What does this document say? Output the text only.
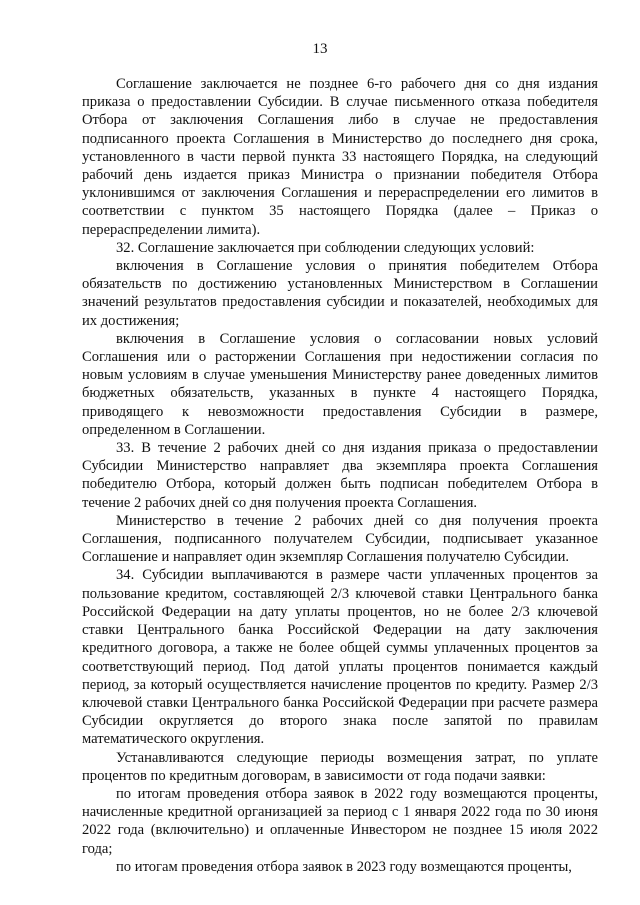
13

Соглашение заключается не позднее 6-го рабочего дня со дня издания приказа о предоставлении Субсидии. В случае письменного отказа победителя Отбора от заключения Соглашения либо в случае не предоставления подписанного проекта Соглашения в Министерство до последнего дня срока, установленного в части первой пункта 33 настоящего Порядка, на следующий рабочий день издается приказ Министра о признании победителя Отбора уклонившимся от заключения Соглашения и перераспределении его лимитов в соответствии с пунктом 35 настоящего Порядка (далее – Приказ о перераспределении лимита).

32. Соглашение заключается при соблюдении следующих условий:

включения в Соглашение условия о принятия победителем Отбора обязательств по достижению установленных Министерством в Соглашении значений результатов предоставления субсидии и показателей, необходимых для их достижения;

включения в Соглашение условия о согласовании новых условий Соглашения или о расторжении Соглашения при недостижении согласия по новым условиям в случае уменьшения Министерству ранее доведенных лимитов бюджетных обязательств, указанных в пункте 4 настоящего Порядка, приводящего к невозможности предоставления Субсидии в размере, определенном в Соглашении.

33. В течение 2 рабочих дней со дня издания приказа о предоставлении Субсидии Министерство направляет два экземпляра проекта Соглашения победителю Отбора, который должен быть подписан победителем Отбора в течение 2 рабочих дней со дня получения проекта Соглашения.

Министерство в течение 2 рабочих дней со дня получения проекта Соглашения, подписанного получателем Субсидии, подписывает указанное Соглашение и направляет один экземпляр Соглашения получателю Субсидии.

34. Субсидии выплачиваются в размере части уплаченных процентов за пользование кредитом, составляющей 2/3 ключевой ставки Центрального банка Российской Федерации на дату уплаты процентов, но не более 2/3 ключевой ставки Центрального банка Российской Федерации на дату заключения кредитного договора, а также не более общей суммы уплаченных процентов за соответствующий период. Под датой уплаты процентов понимается каждый период, за который осуществляется начисление процентов по кредиту. Размер 2/3 ключевой ставки Центрального банка Российской Федерации при расчете размера Субсидии округляется до второго знака после запятой по правилам математического округления.

Устанавливаются следующие периоды возмещения затрат, по уплате процентов по кредитным договорам, в зависимости от года подачи заявки:

по итогам проведения отбора заявок в 2022 году возмещаются проценты, начисленные кредитной организацией за период с 1 января 2022 года по 30 июня 2022 года (включительно) и оплаченные Инвестором не позднее 15 июля 2022 года;

по итогам проведения отбора заявок в 2023 году возмещаются проценты,
